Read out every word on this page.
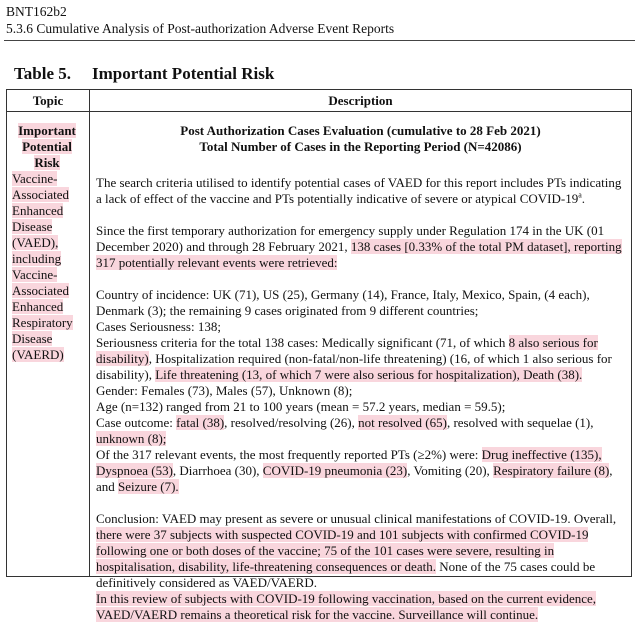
BNT162b2
5.3.6 Cumulative Analysis of Post-authorization Adverse Event Reports
Table 5. Important Potential Risk
Topic	Description
Important Potential Risk
Vaccine-Associated Enhanced Disease (VAED), including Vaccine-Associated Enhanced Respiratory Disease (VAERD)
Post Authorization Cases Evaluation (cumulative to 28 Feb 2021)
Total Number of Cases in the Reporting Period (N=42086)

The search criteria utilised to identify potential cases of VAED for this report includes PTs indicating a lack of effect of the vaccine and PTs potentially indicative of severe or atypical COVID-19$^a$.

Since the first temporary authorization for emergency supply under Regulation 174 in the UK (01 December 2020) and through 28 February 2021, 138 cases [0.33% of the total PM dataset], reporting 317 potentially relevant events were retrieved:

Country of incidence: UK (71), US (25), Germany (14), France, Italy, Mexico, Spain, (4 each), Denmark (3); the remaining 9 cases originated from 9 different countries;
Cases Seriousness: 138;
Seriousness criteria for the total 138 cases: Medically significant (71, of which 8 also serious for disability), Hospitalization required (non-fatal/non-life threatening) (16, of which 1 also serious for disability), Life threatening (13, of which 7 were also serious for hospitalization), Death (38).
Gender: Females (73), Males (57), Unknown (8);
Age (n=132) ranged from 21 to 100 years (mean = 57.2 years, median = 59.5);
Case outcome: fatal (38), resolved/resolving (26), not resolved (65), resolved with sequelae (1), unknown (8);
Of the 317 relevant events, the most frequently reported PTs (≥2%) were: Drug ineffective (135), Dyspnoea (53), Diarrhoea (30), COVID-19 pneumonia (23), Vomiting (20), Respiratory failure (8), and Seizure (7).

Conclusion: VAED may present as severe or unusual clinical manifestations of COVID-19. Overall, there were 37 subjects with suspected COVID-19 and 101 subjects with confirmed COVID-19 following one or both doses of the vaccine; 75 of the 101 cases were severe, resulting in hospitalisation, disability, life-threatening consequences or death. None of the 75 cases could be definitively considered as VAED/VAERD.

In this review of subjects with COVID-19 following vaccination, based on the current evidence, VAED/VAERD remains a theoretical risk for the vaccine. Surveillance will continue.
